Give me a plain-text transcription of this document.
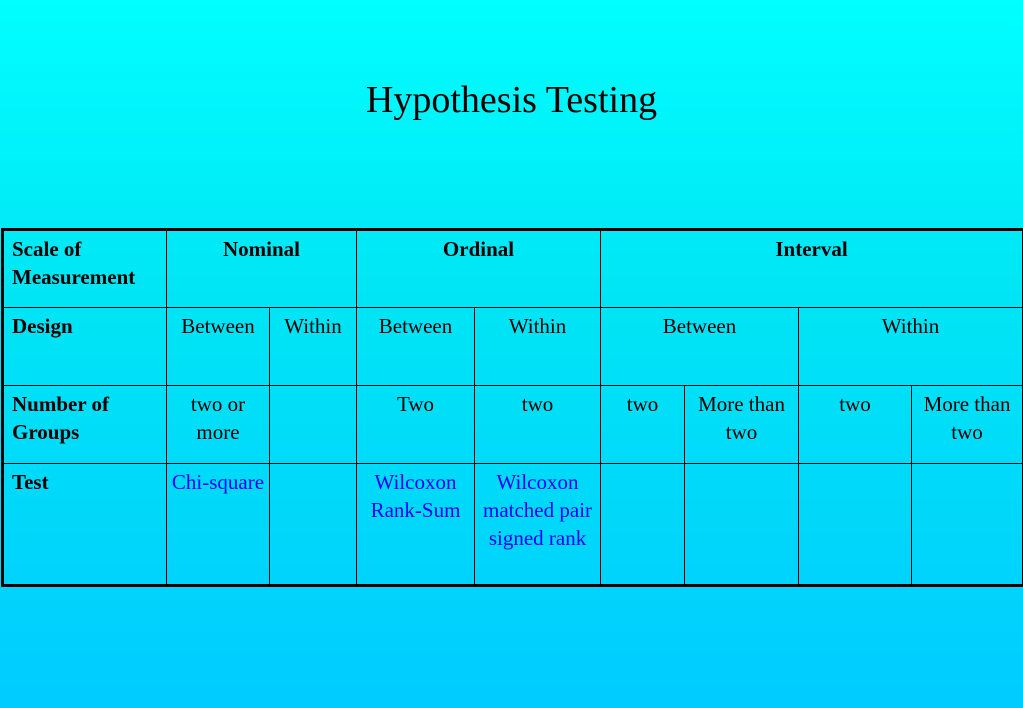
Hypothesis Testing
Scale of Measurement	Nominal		Ordinal		Interval			
Design	Between	Within	Between	Within	Between		Within	
Number of Groups	two or more		Two	two	two	More than two	two	More than two
Test	Chi-square		Wilcoxon Rank-Sum	Wilcoxon matched pair signed rank				
